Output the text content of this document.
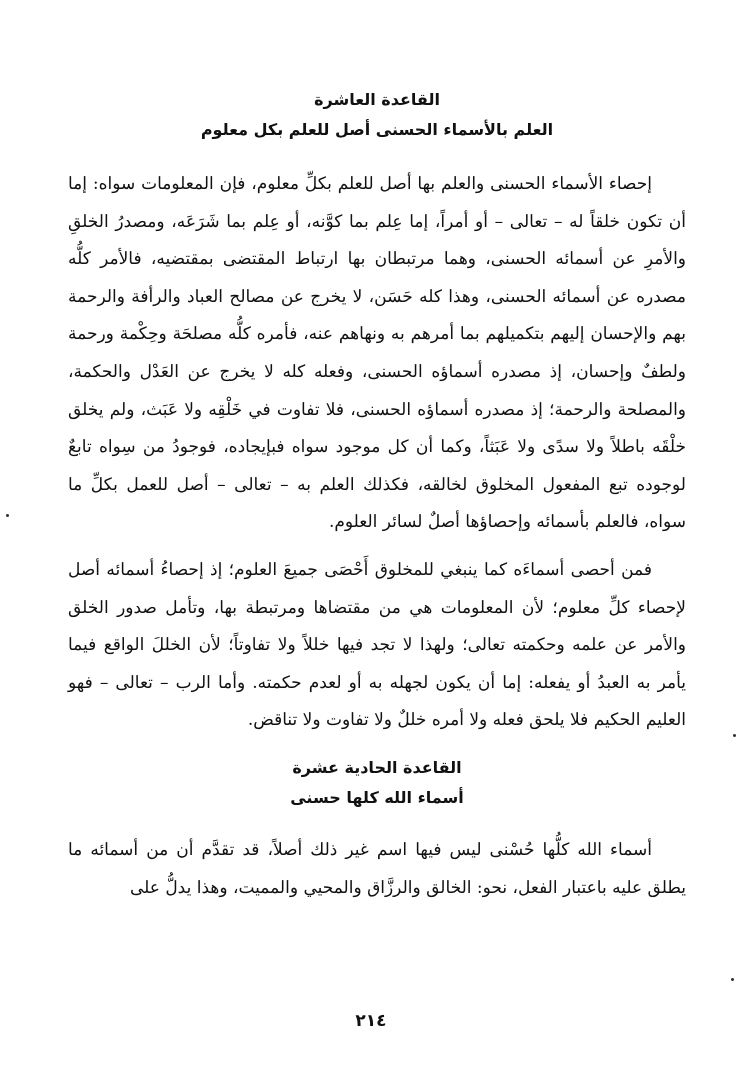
القاعدة العاشرة
العلم بالأسماء الحسنى أصل للعلم بكل معلوم

إحصاء الأسماء الحسنى والعلم بها أصل للعلم بكلِّ معلوم، فإن المعلومات سواه: إما أن تكون خلقاً له – تعالى – أو أمراً، إما عِلم بما كوَّنه، أو عِلم بما شَرَعَه، ومصدرُ الخلقِ والأمرِ عن أسمائه الحسنى، وهما مرتبطان بها ارتباط المقتضى بمقتضيه، فالأمر كلُّه مصدره عن أسمائه الحسنى، وهذا كله حَسَن، لا يخرج عن مصالح العباد والرأفة والرحمة بهم والإحسان إليهم بتكميلهم بما أمرهم به ونهاهم عنه، فأمره كلُّه مصلحَة وحِكْمة ورحمة ولطفٌ وإحسان، إذ مصدره أسماؤه الحسنى، وفعله كله لا يخرج عن العَدْل والحكمة، والمصلحة والرحمة؛ إذ مصدره أسماؤه الحسنى، فلا تفاوت في خَلْقِه ولا عَبَث، ولم يخلق خلْقَه باطلاً ولا سدًى ولا عَبَثاً، وكما أن كل موجود سواه فبإيجاده، فوجودُ من سِواه تابعٌ لوجوده تبع المفعول المخلوق لخالقه، فكذلك العلم به – تعالى – أصل للعمل بكلِّ ما سواه، فالعلم بأسمائه وإحصاؤها أصلٌ لسائر العلوم.

فمن أحصى أسماءَه كما ينبغي للمخلوق أَحْصَى جميعَ العلوم؛ إذ إحصاءُ أسمائه أصل لإحصاء كلِّ معلوم؛ لأن المعلومات هي من مقتضاها ومرتبطة بها، وتأمل صدور الخلق والأمر عن علمه وحكمته تعالى؛ ولهذا لا تجد فيها خللاً ولا تفاوتاً؛ لأن الخللَ الواقع فيما يأمر به العبدُ أو يفعله: إما أن يكون لجهله به أو لعدم حكمته. وأما الرب – تعالى – فهو العليم الحكيم فلا يلحق فعله ولا أمره خللٌ ولا تفاوت ولا تناقض.

القاعدة الحادية عشرة
أسماء الله كلها حسنى

أسماء الله كلُّها حُسْنى ليس فيها اسم غير ذلك أصلاً، قد تقدَّم أن من أسمائه ما يطلق عليه باعتبار الفعل، نحو: الخالق والرزَّاق والمحيي والمميت، وهذا يدلُّ على

٢١٤
